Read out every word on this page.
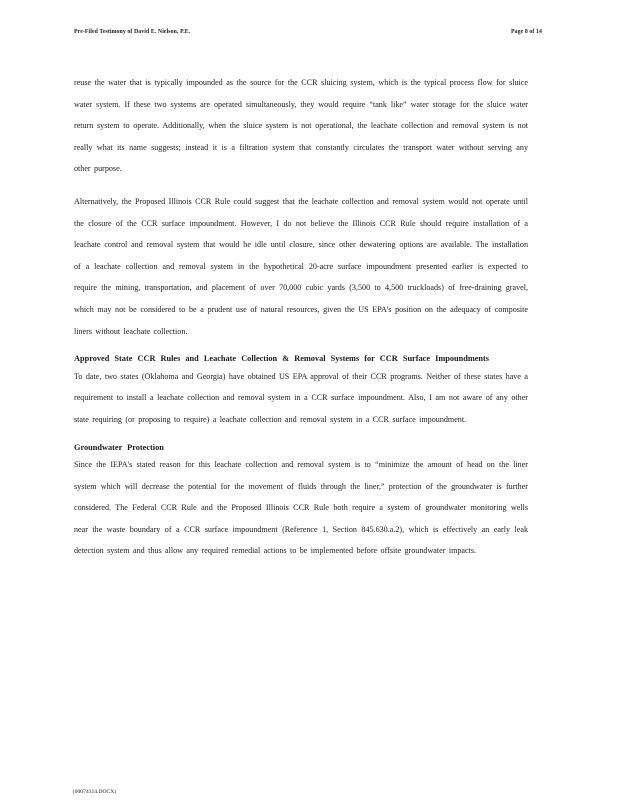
Pre-Filed Testimony of David E. Nielson, P.E.	Page 8 of 14

reuse the water that is typically impounded as the source for the CCR sluicing system, which is the typical process flow for sluice water system. If these two systems are operated simultaneously, they would require “tank like” water storage for the sluice water return system to operate. Additionally, when the sluice system is not operational, the leachate collection and removal system is not really what its name suggests; instead it is a filtration system that constantly circulates the transport water without serving any other purpose.

Alternatively, the Proposed Illinois CCR Rule could suggest that the leachate collection and removal system would not operate until the closure of the CCR surface impoundment. However, I do not believe the Illinois CCR Rule should require installation of a leachate control and removal system that would be idle until closure, since other dewatering options are available. The installation of a leachate collection and removal system in the hypothetical 20-acre surface impoundment presented earlier is expected to require the mining, transportation, and placement of over 70,000 cubic yards (3,500 to 4,500 truckloads) of free-draining gravel, which may not be considered to be a prudent use of natural resources, given the US EPA's position on the adequacy of composite liners without leachate collection.

Approved State CCR Rules and Leachate Collection & Removal Systems for CCR Surface Impoundments

To date, two states (Oklahoma and Georgia) have obtained US EPA approval of their CCR programs. Neither of these states have a requirement to install a leachate collection and removal system in a CCR surface impoundment. Also, I am not aware of any other state requiring (or proposing to require) a leachate collection and removal system in a CCR surface impoundment.

Groundwater Protection

Since the IEPA's stated reason for this leachate collection and removal system is to “minimize the amount of head on the liner system which will decrease the potential for the movement of fluids through the liner,” protection of the groundwater is further considered. The Federal CCR Rule and the Proposed Illinois CCR Rule both require a system of groundwater monitoring wells near the waste boundary of a CCR surface impoundment (Reference 1, Section 845.630.a.2), which is effectively an early leak detection system and thus allow any required remedial actions to be implemented before offsite groundwater impacts.

{00074314.DOCX}
